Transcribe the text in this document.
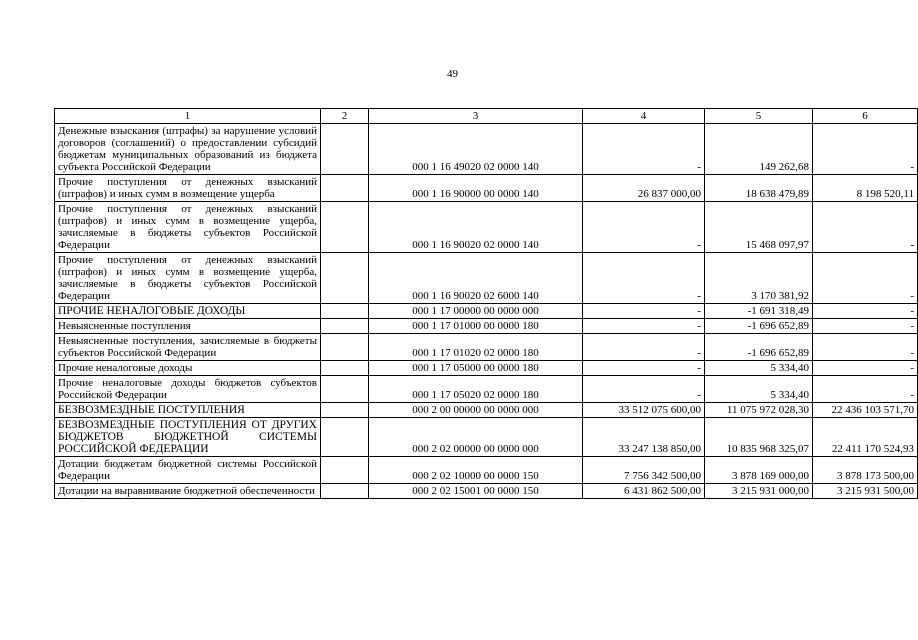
49
1	2	3	4	5	6
Денежные взыскания (штрафы) за нарушение условий договоров (соглашений) о предоставлении субсидий бюджетам муниципальных образований из бюджета субъекта Российской Федерации		000 1 16 49020 02 0000 140	-	149 262,68	-
Прочие поступления от денежных взысканий (штрафов) и иных сумм в возмещение ущерба		000 1 16 90000 00 0000 140	26 837 000,00	18 638 479,89	8 198 520,11
Прочие поступления от денежных взысканий (штрафов) и иных сумм в возмещение ущерба, зачисляемые в бюджеты субъектов Российской Федерации		000 1 16 90020 02 0000 140	-	15 468 097,97	-
Прочие поступления от денежных взысканий (штрафов) и иных сумм в возмещение ущерба, зачисляемые в бюджеты субъектов Российской Федерации		000 1 16 90020 02 6000 140	-	3 170 381,92	-
ПРОЧИЕ НЕНАЛОГОВЫЕ ДОХОДЫ		000 1 17 00000 00 0000 000	-	-1 691 318,49	-
Невыясненные поступления		000 1 17 01000 00 0000 180	-	-1 696 652,89	-
Невыясненные поступления, зачисляемые в бюджеты субъектов Российской Федерации		000 1 17 01020 02 0000 180	-	-1 696 652,89	-
Прочие неналоговые доходы		000 1 17 05000 00 0000 180	-	5 334,40	-
Прочие неналоговые доходы бюджетов субъектов Российской Федерации		000 1 17 05020 02 0000 180	-	5 334,40	-
БЕЗВОЗМЕЗДНЫЕ ПОСТУПЛЕНИЯ		000 2 00 00000 00 0000 000	33 512 075 600,00	11 075 972 028,30	22 436 103 571,70
БЕЗВОЗМЕЗДНЫЕ ПОСТУПЛЕНИЯ ОТ ДРУГИХ БЮДЖЕТОВ БЮДЖЕТНОЙ СИСТЕМЫ РОССИЙСКОЙ ФЕДЕРАЦИИ		000 2 02 00000 00 0000 000	33 247 138 850,00	10 835 968 325,07	22 411 170 524,93
Дотации бюджетам бюджетной системы Российской Федерации		000 2 02 10000 00 0000 150	7 756 342 500,00	3 878 169 000,00	3 878 173 500,00
Дотации на выравнивание бюджетной обеспеченности		000 2 02 15001 00 0000 150	6 431 862 500,00	3 215 931 000,00	3 215 931 500,00
